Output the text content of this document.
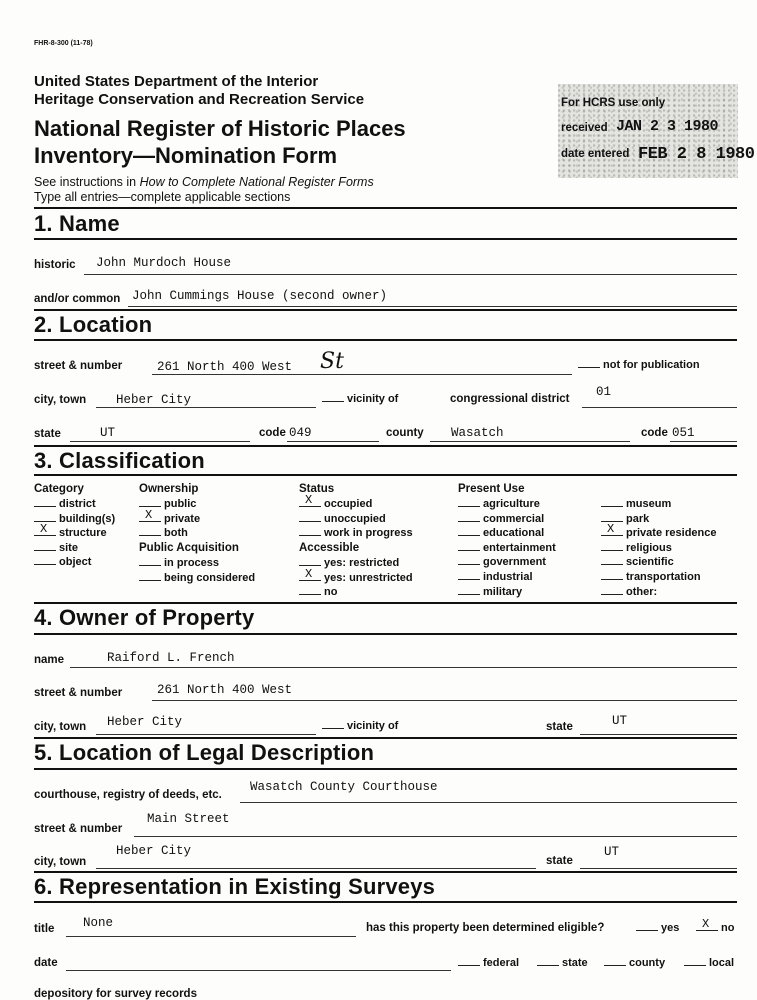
FHR-8-300 (11-78)
United States Department of the Interior
Heritage Conservation and Recreation Service
National Register of Historic Places
Inventory—Nomination Form
For HCRS use only
received JAN 2 3 1980
date entered FEB 2 8 1980
See instructions in How to Complete National Register Forms
Type all entries—complete applicable sections
1. Name
historic John Murdoch House
and/or common John Cummings House (second owner)
2. Location
street & number	261 North 400 West St	not for publication
city, town Heber City	vicinity of	congressional district 01
state	UT	code 049	county Wasatch	code 051
3. Classification
Category
district
building(s)
X structure
site
object
Ownership
public
X private
both
Public Acquisition
in process
being considered
Status
X occupied
unoccupied
work in progress
Accessible
yes: restricted
X yes: unrestricted
no
Present Use
agriculture
commercial
educational
entertainment
government
industrial
military
museum
park
X private residence
religious
scientific
transportation
other:
4. Owner of Property
name	Raiford L. French
street & number	261 North 400 West
city, town Heber City	vicinity of	state	UT
5. Location of Legal Description
courthouse, registry of deeds, etc.
Wasatch County Courthouse
street & number
Main Street
city, town
Heber City
state
UT
6. Representation in Existing Surveys
title None	has this property been determined eligible?	yes X no
date	federal	state	county	local
depository for survey records
